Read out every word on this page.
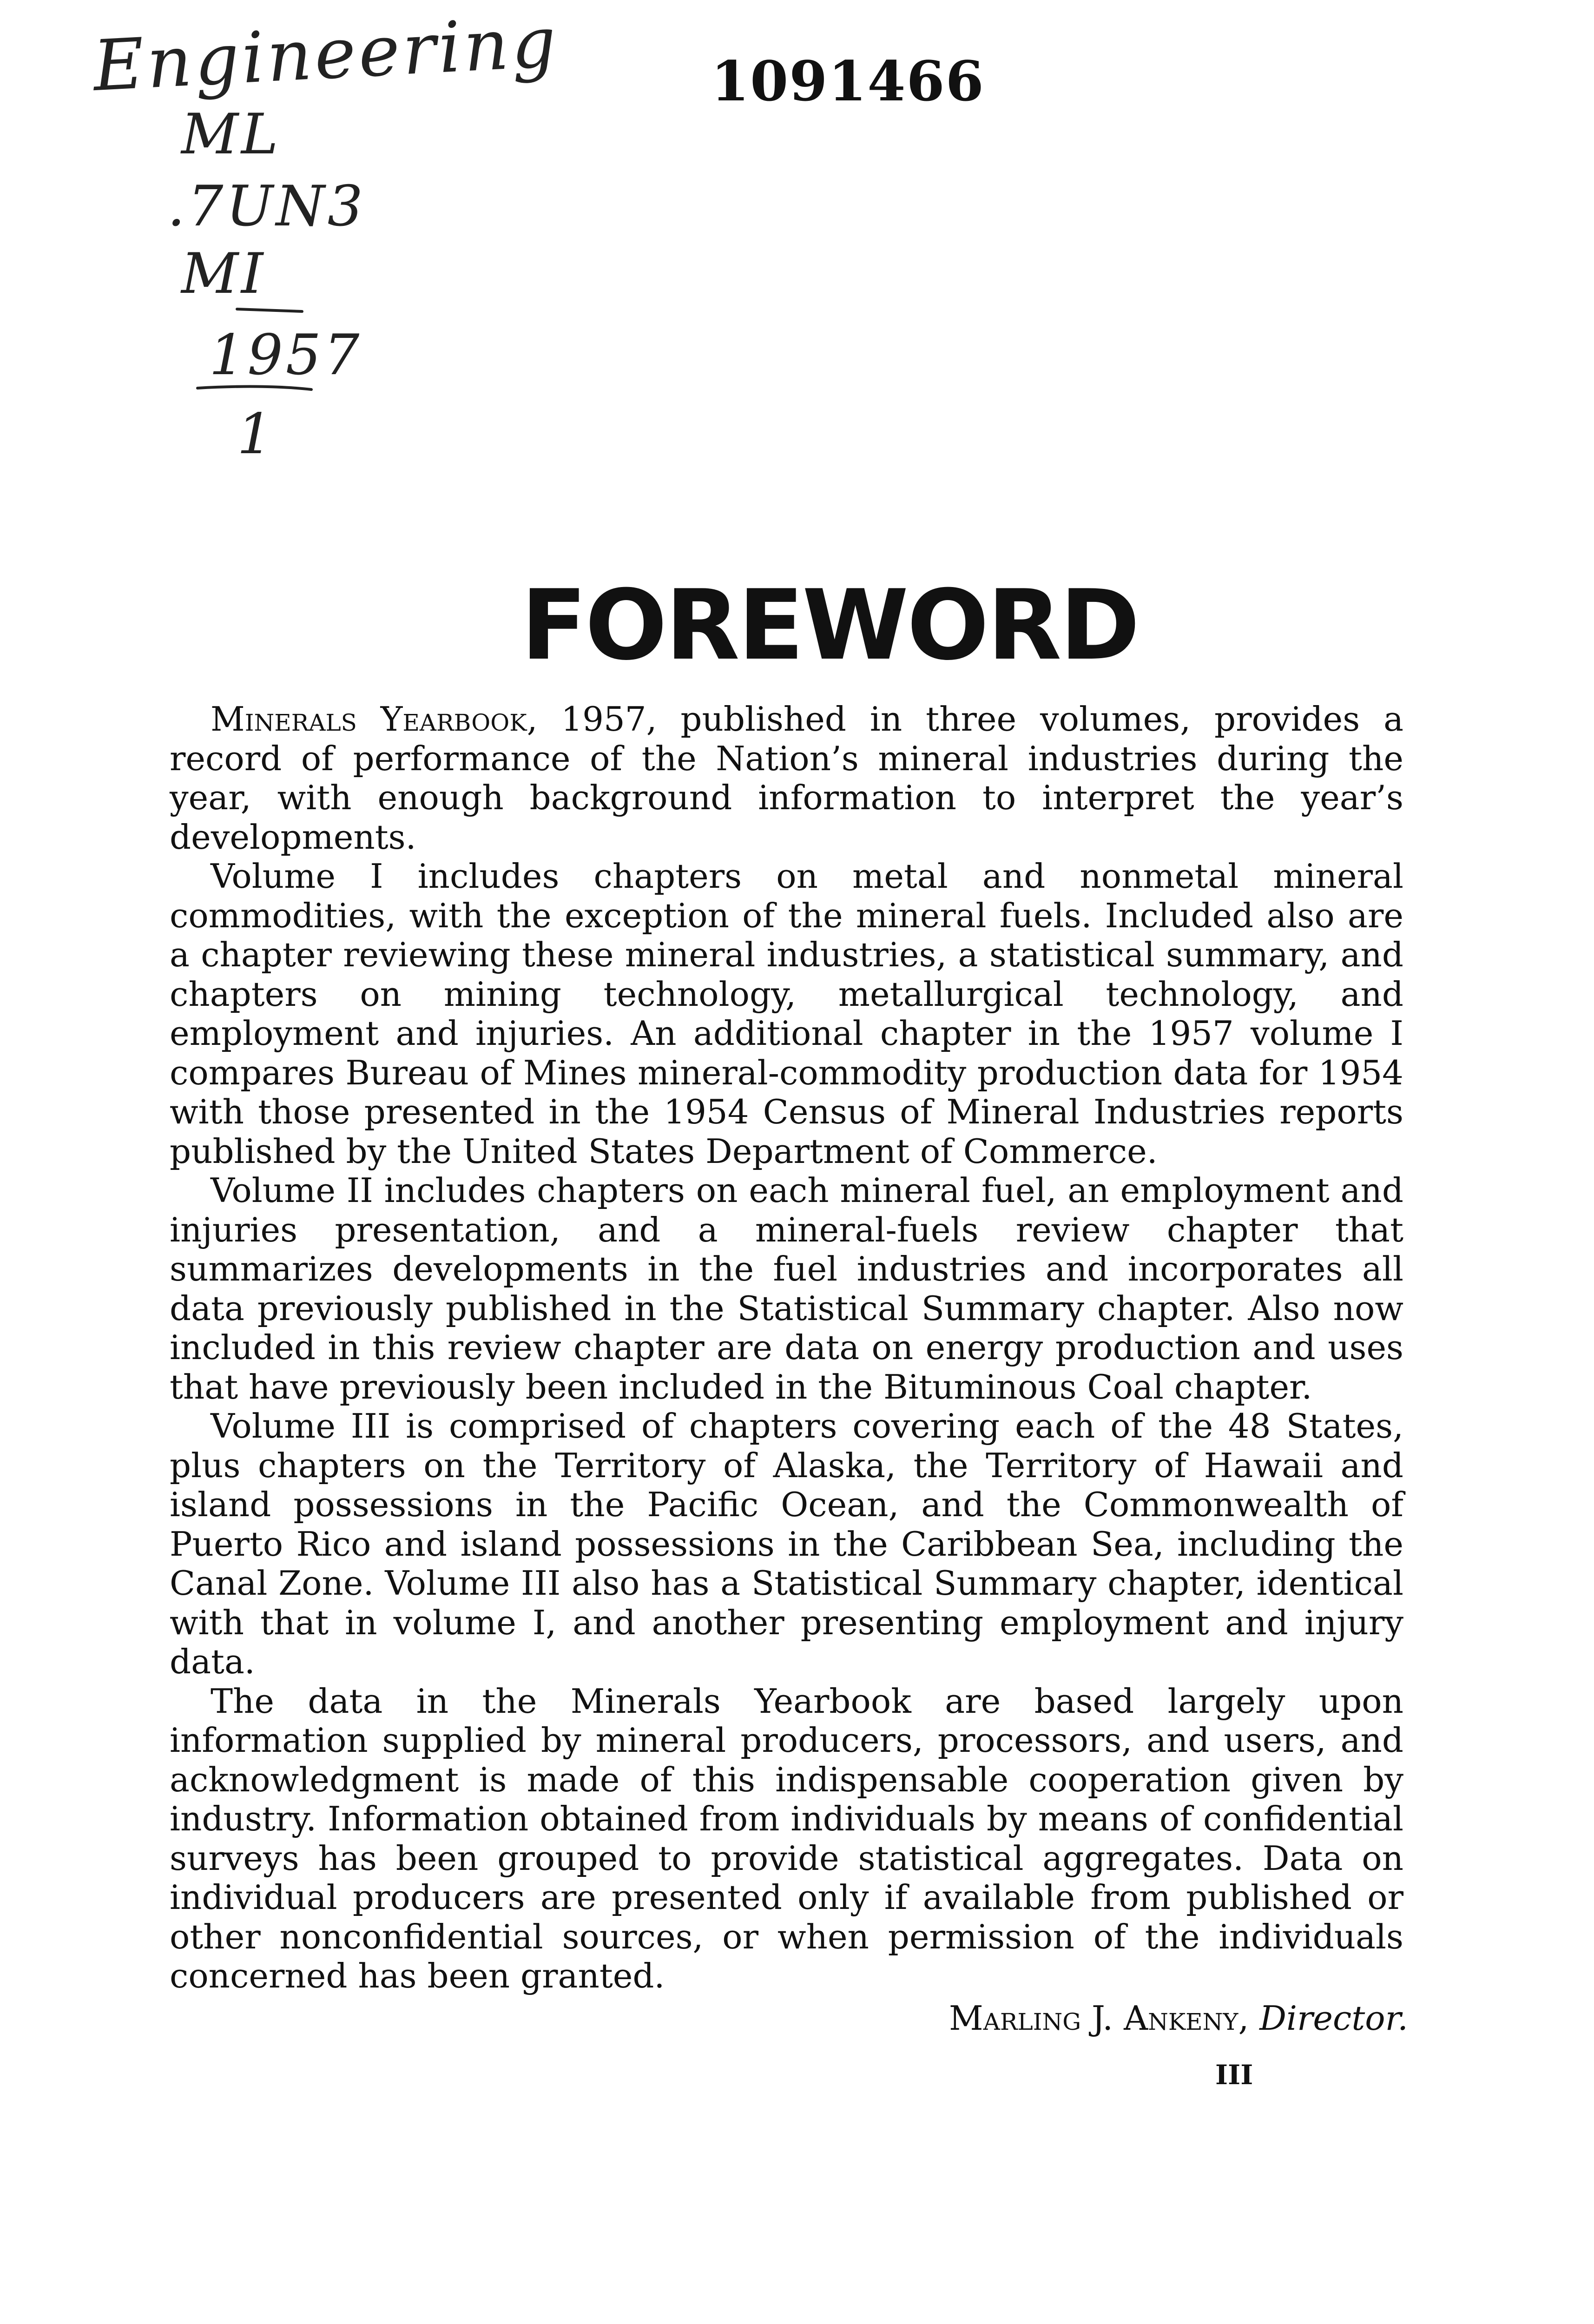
Engineering
ML
.7UN3
MI
1957
1
1091466
FOREWORD

Minerals Yearbook, 1957, published in three volumes, provides a record of performance of the Nation’s mineral industries during the year, with enough background information to interpret the year’s developments.

Volume I includes chapters on metal and nonmetal mineral commodities, with the exception of the mineral fuels. Included also are a chapter reviewing these mineral industries, a statistical summary, and chapters on mining technology, metallurgical technology, and employment and injuries. An additional chapter in the 1957 volume I compares Bureau of Mines mineral-commodity production data for 1954 with those presented in the 1954 Census of Mineral Industries reports published by the United States Department of Commerce.

Volume II includes chapters on each mineral fuel, an employment and injuries presentation, and a mineral-fuels review chapter that summarizes developments in the fuel industries and incorporates all data previously published in the Statistical Summary chapter. Also now included in this review chapter are data on energy production and uses that have previously been included in the Bituminous Coal chapter.

Volume III is comprised of chapters covering each of the 48 States, plus chapters on the Territory of Alaska, the Territory of Hawaii and island possessions in the Pacific Ocean, and the Commonwealth of Puerto Rico and island possessions in the Caribbean Sea, including the Canal Zone. Volume III also has a Statistical Summary chapter, identical with that in volume I, and another presenting employment and injury data.

The data in the Minerals Yearbook are based largely upon information supplied by mineral producers, processors, and users, and acknowledgment is made of this indispensable cooperation given by industry. Information obtained from individuals by means of confidential surveys has been grouped to provide statistical aggregates. Data on individual producers are presented only if available from published or other nonconfidential sources, or when permission of the individuals concerned has been granted.

Marling J. Ankeny, Director.
III
